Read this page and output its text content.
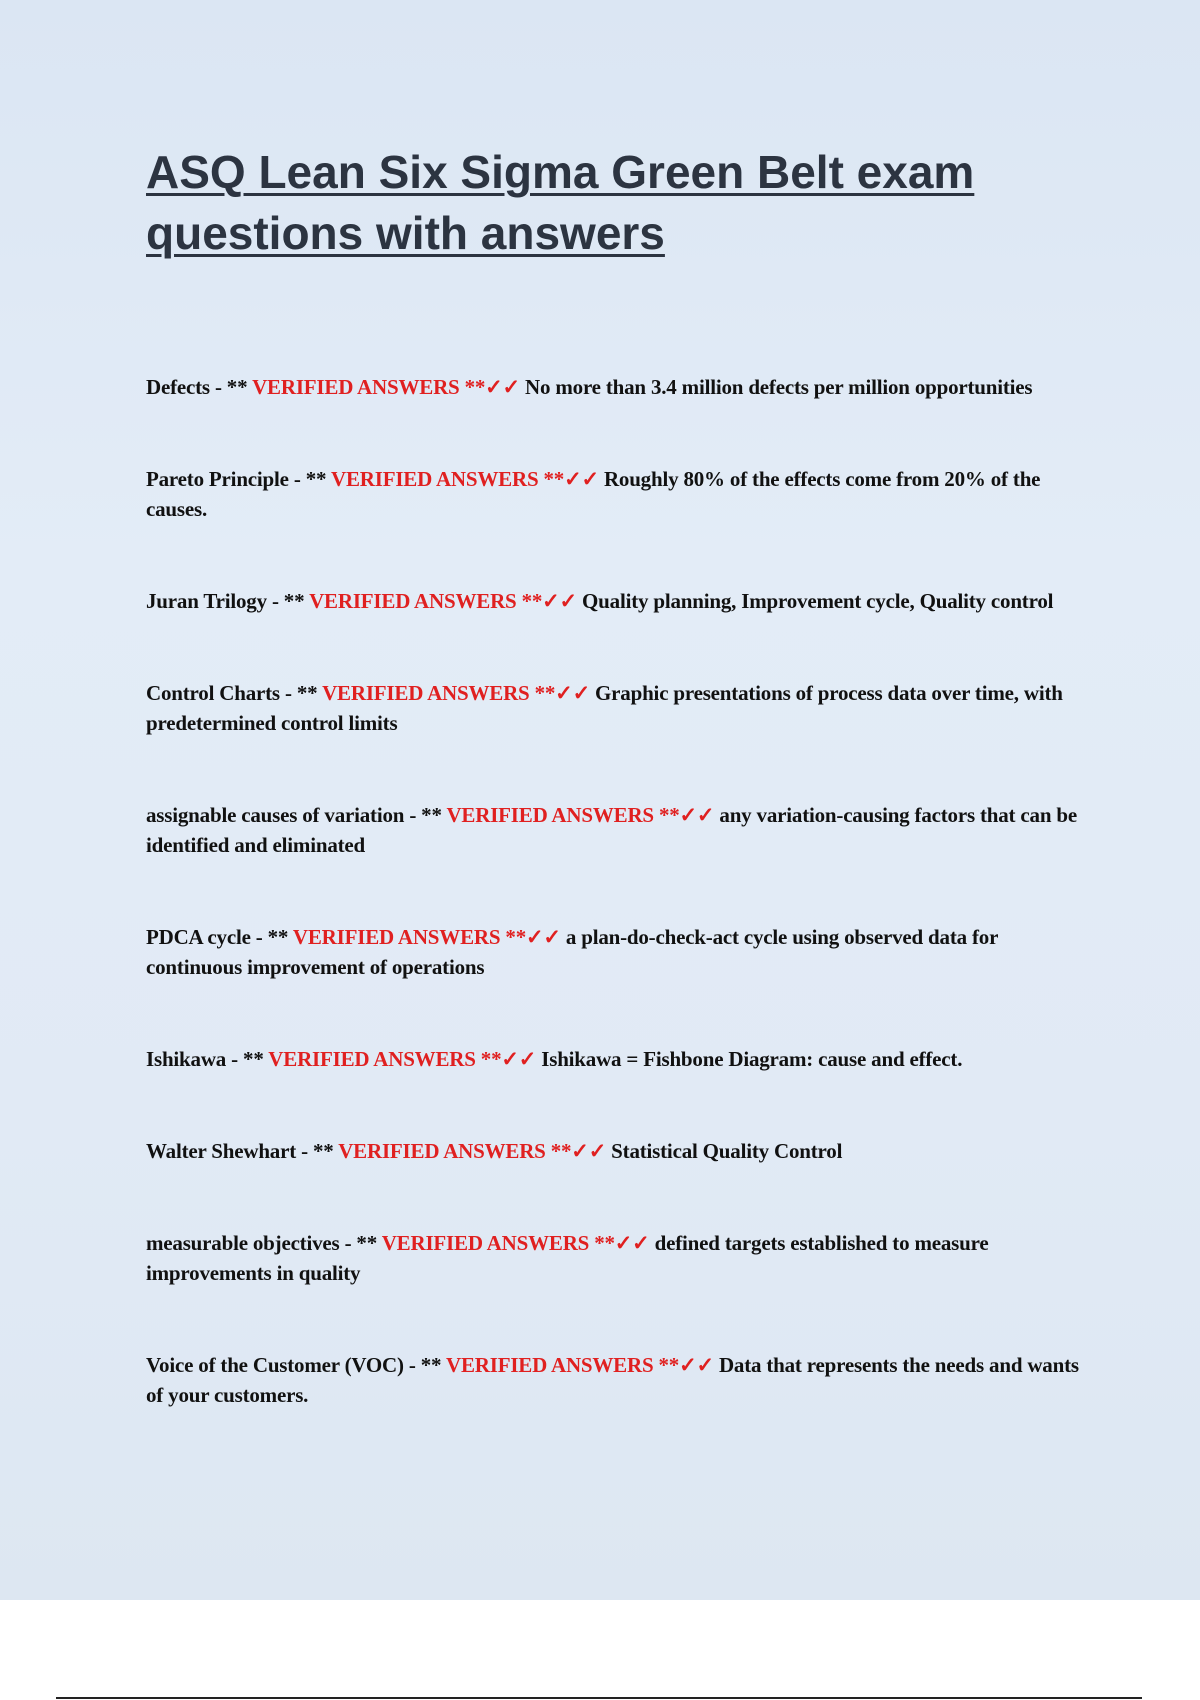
ASQ Lean Six Sigma Green Belt exam questions with answers

Defects - ** VERIFIED ANSWERS **✓✓ No more than 3.4 million defects per million opportunities

Pareto Principle - ** VERIFIED ANSWERS **✓✓ Roughly 80% of the effects come from 20% of the causes.

Juran Trilogy - ** VERIFIED ANSWERS **✓✓ Quality planning, Improvement cycle, Quality control

Control Charts - ** VERIFIED ANSWERS **✓✓ Graphic presentations of process data over time, with predetermined control limits

assignable causes of variation - ** VERIFIED ANSWERS **✓✓ any variation-causing factors that can be identified and eliminated

PDCA cycle - ** VERIFIED ANSWERS **✓✓ a plan-do-check-act cycle using observed data for continuous improvement of operations

Ishikawa - ** VERIFIED ANSWERS **✓✓ Ishikawa = Fishbone Diagram: cause and effect.

Walter Shewhart - ** VERIFIED ANSWERS **✓✓ Statistical Quality Control

measurable objectives - ** VERIFIED ANSWERS **✓✓ defined targets established to measure improvements in quality

Voice of the Customer (VOC) - ** VERIFIED ANSWERS **✓✓ Data that represents the needs and wants of your customers.
